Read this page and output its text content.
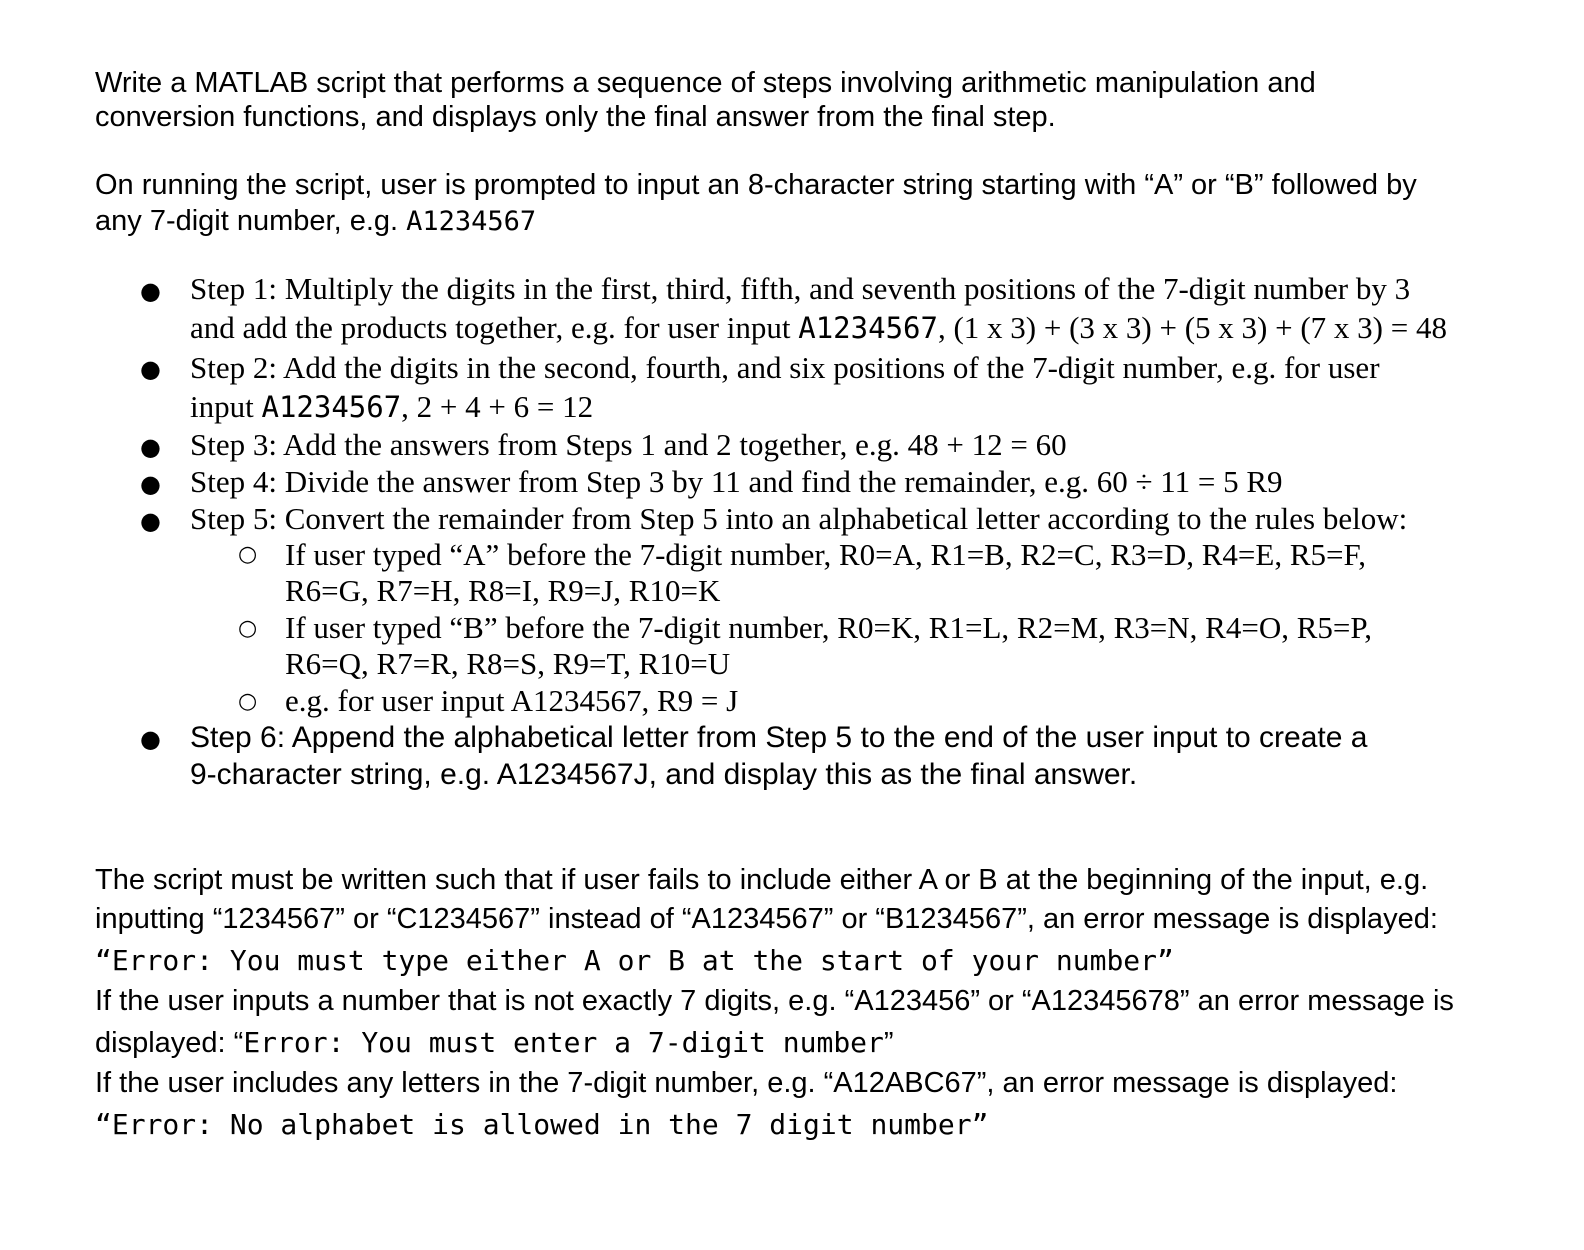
Write a MATLAB script that performs a sequence of steps involving arithmetic manipulation and
conversion functions, and displays only the final answer from the final step.
On running the script, user is prompted to input an 8-character string starting with “A” or “B” followed by
any 7-digit number, e.g. A1234567
● Step 1: Multiply the digits in the first, third, fifth, and seventh positions of the 7-digit number by 3
and add the products together, e.g. for user input A1234567, (1 x 3) + (3 x 3) + (5 x 3) + (7 x 3) = 48
● Step 2: Add the digits in the second, fourth, and six positions of the 7-digit number, e.g. for user
input A1234567, 2 + 4 + 6 = 12
● Step 3: Add the answers from Steps 1 and 2 together, e.g. 48 + 12 = 60
● Step 4: Divide the answer from Step 3 by 11 and find the remainder, e.g. 60 ÷ 11 = 5 R9
● Step 5: Convert the remainder from Step 5 into an alphabetical letter according to the rules below:
○ If user typed “A” before the 7-digit number, R0=A, R1=B, R2=C, R3=D, R4=E, R5=F,
R6=G, R7=H, R8=I, R9=J, R10=K
○ If user typed “B” before the 7-digit number, R0=K, R1=L, R2=M, R3=N, R4=O, R5=P,
R6=Q, R7=R, R8=S, R9=T, R10=U
○ e.g. for user input A1234567, R9 = J
● Step 6: Append the alphabetical letter from Step 5 to the end of the user input to create a
9-character string, e.g. A1234567J, and display this as the final answer.
The script must be written such that if user fails to include either A or B at the beginning of the input, e.g.
inputting “1234567” or “C1234567” instead of “A1234567” or “B1234567”, an error message is displayed:
“Error: You must type either A or B at the start of your number”
If the user inputs a number that is not exactly 7 digits, e.g. “A123456” or “A12345678” an error message is
displayed: “Error: You must enter a 7-digit number”
If the user includes any letters in the 7-digit number, e.g. “A12ABC67”, an error message is displayed:
“Error: No alphabet is allowed in the 7 digit number”
